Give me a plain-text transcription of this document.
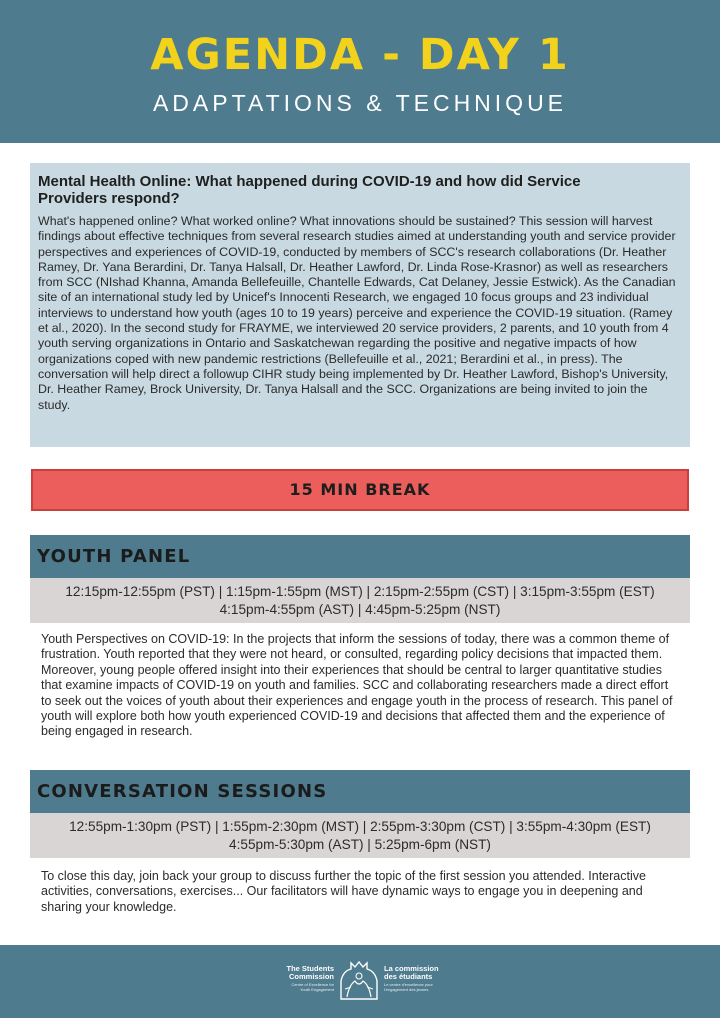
AGENDA - DAY 1
ADAPTATIONS & TECHNIQUE
Mental Health Online: What happened during COVID-19 and how did Service Providers respond?
What's happened online? What worked online? What innovations should be sustained? This session will harvest findings about effective techniques from several research studies aimed at understanding youth and service provider perspectives and experiences of COVID-19, conducted by members of SCC's research collaborations (Dr. Heather Ramey, Dr. Yana Berardini, Dr. Tanya Halsall, Dr. Heather Lawford, Dr. Linda Rose-Krasnor) as well as researchers from SCC (NIshad Khanna, Amanda Bellefeuille, Chantelle Edwards, Cat Delaney, Jessie Estwick). As the Canadian site of an international study led by Unicef's Innocenti Research, we engaged 10 focus groups and 23 individual interviews to understand how youth (ages 10 to 19 years) perceive and experience the COVID-19 situation. (Ramey et al., 2020). In the second study for FRAYME, we interviewed 20 service providers, 2 parents, and 10 youth from 4 youth serving organizations in Ontario and Saskatchewan regarding the positive and negative impacts of how organizations coped with new pandemic restrictions (Bellefeuille et al., 2021; Berardini et al., in press). The conversation will help direct a followup CIHR study being implemented by Dr. Heather Lawford, Bishop's University, Dr. Heather Ramey, Brock University, Dr. Tanya Halsall and the SCC. Organizations are being invited to join the study.
15 MIN BREAK
YOUTH PANEL
12:15pm-12:55pm (PST) | 1:15pm-1:55pm (MST) | 2:15pm-2:55pm (CST) | 3:15pm-3:55pm (EST)
4:15pm-4:55pm (AST) | 4:45pm-5:25pm (NST)
Youth Perspectives on COVID-19: In the projects that inform the sessions of today, there was a common theme of frustration. Youth reported that they were not heard, or consulted, regarding policy decisions that impacted them. Moreover, young people offered insight into their experiences that should be central to larger quantitative studies that examine impacts of COVID-19 on youth and families. SCC and collaborating researchers made a direct effort to seek out the voices of youth about their experiences and engage youth in the process of research. This panel of youth will explore both how youth experienced COVID-19 and decisions that affected them and the experience of being engaged in research.
CONVERSATION SESSIONS
12:55pm-1:30pm (PST) | 1:55pm-2:30pm (MST) | 2:55pm-3:30pm (CST) | 3:55pm-4:30pm (EST)
4:55pm-5:30pm (AST) | 5:25pm-6pm (NST)
To close this day, join back your group to discuss further the topic of the first session you attended. Interactive activities, conversations, exercises... Our facilitators will have dynamic ways to engage you in deepening and sharing your knowledge.
The Students Commission
Centre of Excellence for Youth Engagement
La commission des étudiants
Le centre d'excellence pour l'engagement des jeunes
